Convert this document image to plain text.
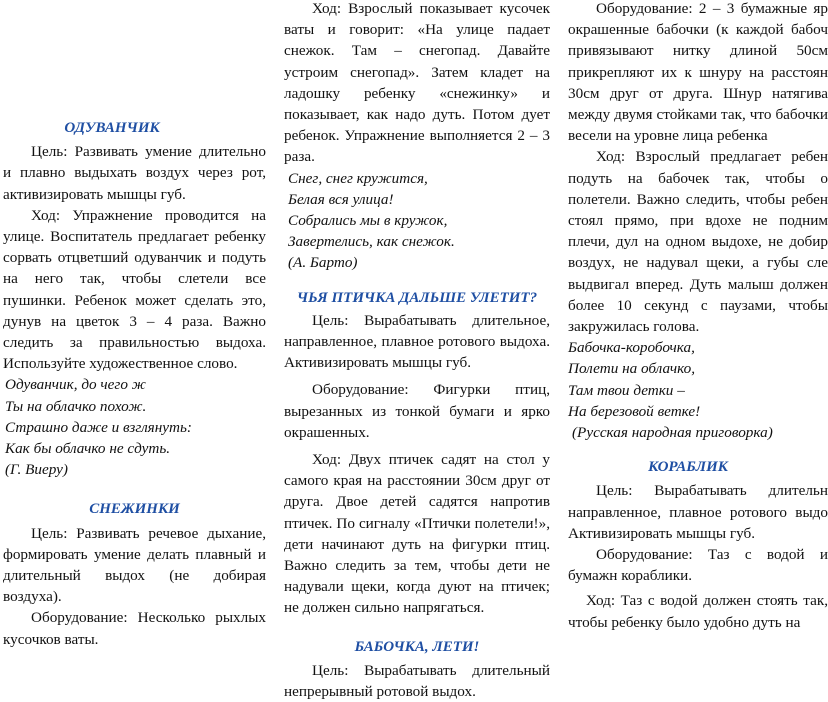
ОДУВАНЧИК

Цель: Развивать умение длительно и плавно выдыхать воздух через рот, активизировать мышцы губ.

Ход: Упражнение проводится на улице. Воспитатель предлагает ребенку сорвать отцветший одуванчик и подуть на него так, чтобы слетели все пушинки. Ребенок может сделать это, дунув на цветок 3 – 4 раза. Важно следить за правильностью выдоха. Используйте художественное слово.

Одуванчик, до чего ж

Ты на облачко похож.

Страшно даже и взглянуть:

Как бы облачко не сдуть.

(Г. Виеру)

СНЕЖИНКИ

Цель: Развивать речевое дыхание, формировать умение делать плавный и длительный выдох (не добирая воздуха).

Оборудование: Несколько рыхлых кусочков ваты.

Ход: Взрослый показывает кусочек ваты и говорит: «На улице падает снежок. Там – снегопад. Давайте устроим снегопад». Затем кладет на ладошку ребенку «снежинку» и показывает, как надо дуть. Потом дует ребенок. Упражнение выполняется 2 – 3 раза.

Снег, снег кружится,

Белая вся улица!

Собрались мы в кружок,

Завертелись, как снежок.

(А. Барто)

ЧЬЯ ПТИЧКА ДАЛЬШЕ УЛЕТИТ?

Цель: Вырабатывать длительное, направленное, плавное ротового выдоха. Активизировать мышцы губ.

Оборудование: Фигурки птиц, вырезанных из тонкой бумаги и ярко окрашенных.

Ход: Двух птичек садят на стол у самого края на расстоянии 30см друг от друга. Двое детей садятся напротив птичек. По сигналу «Птички полетели!», дети начинают дуть на фигурки птиц. Важно следить за тем, чтобы дети не надували щеки, когда дуют на птичек; не должен сильно напрягаться.

БАБОЧКА, ЛЕТИ!

Цель: Вырабатывать длительный непрерывный ротовой выдох.

Оборудование: 2 – 3 бумажные яр окрашенные бабочки (к каждой бабоч привязывают нитку длиной 50см прикрепляют их к шнуру на расстоян 30см друг от друга. Шнур натягива между двумя стойками так, что бабочки весели на уровне лица ребенка

Ход: Взрослый предлагает ребен подуть на бабочек так, чтобы о полетели. Важно следить, чтобы ребен стоял прямо, при вдохе не подним плечи, дул на одном выдохе, не добир воздух, не надувал щеки, а губы сле выдвигал вперед. Дуть малыш должен более 10 секунд с паузами, чтобы закружилась голова.

Бабочка-коробочка,

Полети на облачко,

Там твои детки –

На березовой ветке!

(Русская народная приговорка)

КОРАБЛИК

Цель: Вырабатывать длительн направленное, плавное ротового выдо Активизировать мышцы губ.

Оборудование: Таз с водой и бумажн кораблики.

Ход: Таз с водой должен стоять так, чтобы ребенку было удобно дуть на
